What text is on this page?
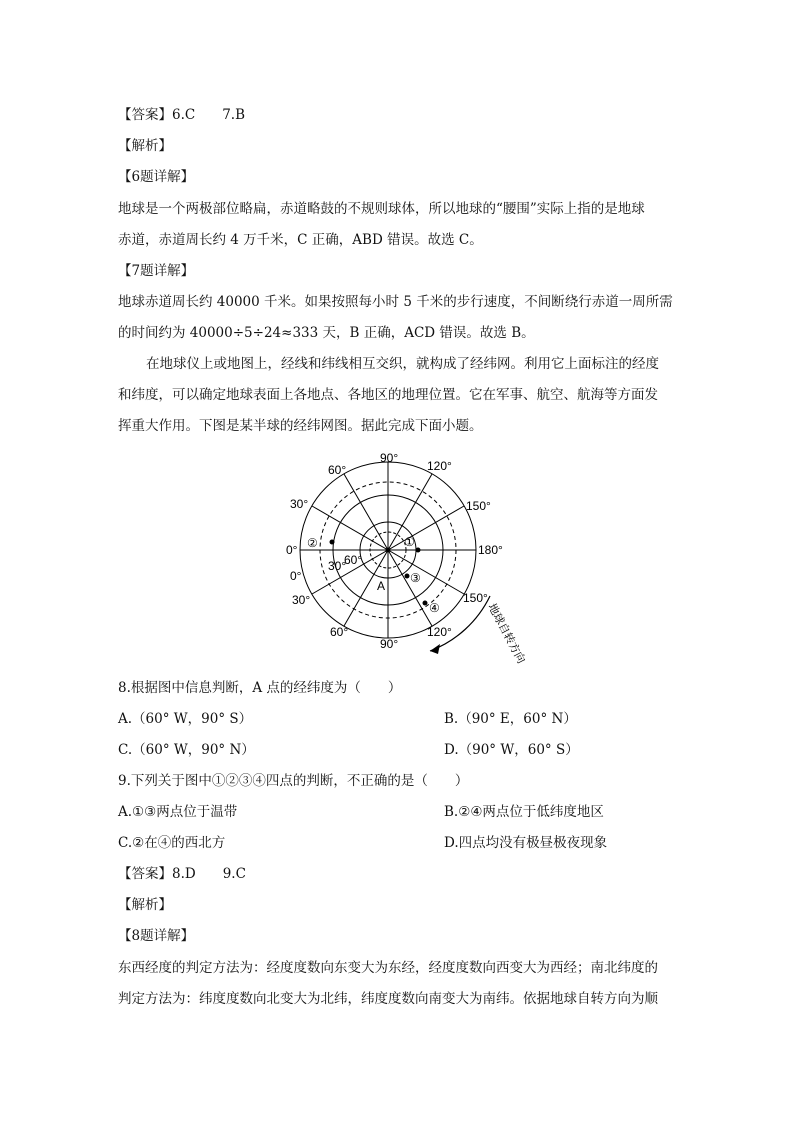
【答案】6.C　　7.B
【解析】
【6题详解】
地球是一个两极部位略扁，赤道略鼓的不规则球体，所以地球的“腰围”实际上指的是地球
赤道，赤道周长约 4 万千米，C 正确，ABD 错误。故选 C。
【7题详解】
地球赤道周长约 40000 千米。如果按照每小时 5 千米的步行速度，不间断绕行赤道一周所需
的时间约为 40000÷5÷24≈333 天，B 正确，ACD 错误。故选 B。
在地球仪上或地图上，经线和纬线相互交织，就构成了经纬网。利用它上面标注的经度
和纬度，可以确定地球表面上各地点、各地区的地理位置。它在军事、航空、航海等方面发
挥重大作用。下图是某半球的经纬网图。据此完成下面小题。
90°
120°
150°
180°
150°
120°
90°
60°
30°
0°
0°
30°
60°
60°
30°
①
②
③
④
A
地球自转方向
8.根据图中信息判断，A 点的经纬度为（　　）
A.（60° W，90° S）	B.（90° E，60° N）
C.（60° W，90° N）	D.（90° W，60° S）
9.下列关于图中①②③④四点的判断，不正确的是（　　）
A.①③两点位于温带	B.②④两点位于低纬度地区
C.②在④的西北方	D.四点均没有极昼极夜现象
【答案】8.D　　9.C
【解析】
【8题详解】
东西经度的判定方法为：经度度数向东变大为东经，经度度数向西变大为西经；南北纬度的
判定方法为：纬度度数向北变大为北纬，纬度度数向南变大为南纬。依据地球自转方向为顺
